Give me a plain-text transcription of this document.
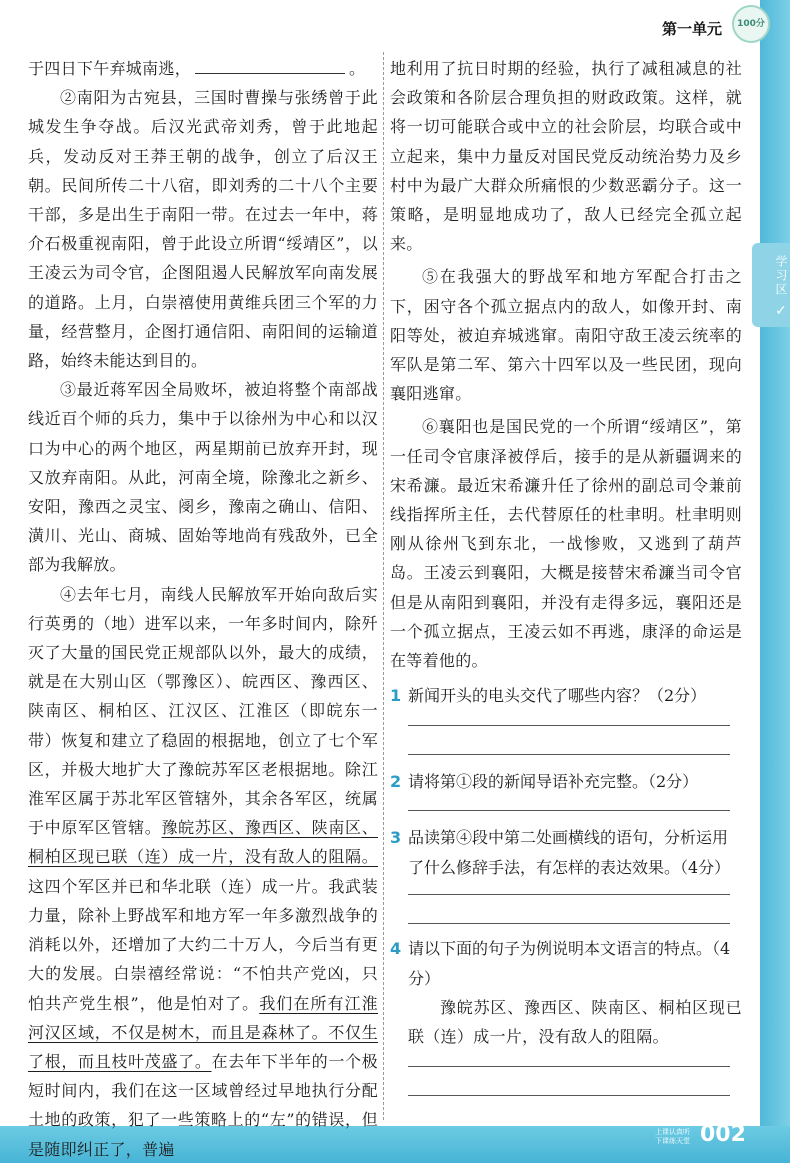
第一单元	100分
学习区 ✓

于四日下午弃城南逃，	。

②南阳为古宛县，三国时曹操与张绣曾于此城发生争夺战。后汉光武帝刘秀，曾于此地起兵，发动反对王莽王朝的战争，创立了后汉王朝。民间所传二十八宿，即刘秀的二十八个主要干部，多是出生于南阳一带。在过去一年中，蒋介石极重视南阳，曾于此设立所谓“绥靖区”，以王凌云为司令官，企图阻遏人民解放军向南发展的道路。上月，白崇禧使用黄维兵团三个军的力量，经营整月，企图打通信阳、南阳间的运输道路，始终未能达到目的。

③最近蒋军因全局败坏，被迫将整个南部战线近百个师的兵力，集中于以徐州为中心和以汉口为中心的两个地区，两星期前已放弃开封，现又放弃南阳。从此，河南全境，除豫北之新乡、安阳，豫西之灵宝、阌乡，豫南之确山、信阳、潢川、光山、商城、固始等地尚有残敌外，已全部为我解放。

④去年七月，南线人民解放军开始向敌后实行英勇的（地）进军以来，一年多时间内，除歼灭了大量的国民党正规部队以外，最大的成绩，就是在大别山区（鄂豫区）、皖西区、豫西区、陕南区、桐柏区、江汉区、江淮区（即皖东一带）恢复和建立了稳固的根据地，创立了七个军区，并极大地扩大了豫皖苏军区老根据地。除江淮军区属于苏北军区管辖外，其余各军区，统属于中原军区管辖。豫皖苏区、豫西区、陕南区、桐柏区现已联（连）成一片，没有敌人的阻隔。这四个军区并已和华北联（连）成一片。我武装力量，除补上野战军和地方军一年多激烈战争的消耗以外，还增加了大约二十万人，今后当有更大的发展。白崇禧经常说：“不怕共产党凶，只怕共产党生根”，他是怕对了。我们在所有江淮河汉区域，不仅是树木，而且是森林了。不仅生了根，而且枝叶茂盛了。在去年下半年的一个极短时间内，我们在这一区域曾经过早地执行分配土地的政策，犯了一些策略上的“左”的错误，但是随即纠正了，普遍

地利用了抗日时期的经验，执行了减租减息的社会政策和各阶层合理负担的财政政策。这样，就将一切可能联合或中立的社会阶层，均联合或中立起来，集中力量反对国民党反动统治势力及乡村中为最广大群众所痛恨的少数恶霸分子。这一策略，是明显地成功了，敌人已经完全孤立起来。

⑤在我强大的野战军和地方军配合打击之下，困守各个孤立据点内的敌人，如像开封、南阳等处，被迫弃城逃窜。南阳守敌王凌云统率的军队是第二军、第六十四军以及一些民团，现向襄阳逃窜。

⑥襄阳也是国民党的一个所谓“绥靖区”，第一任司令官康泽被俘后，接手的是从新疆调来的宋希濂。最近宋希濂升任了徐州的副总司令兼前线指挥所主任，去代替原任的杜聿明。杜聿明则刚从徐州飞到东北，一战惨败，又逃到了葫芦岛。王凌云到襄阳，大概是接替宋希濂当司令官 但是从南阳到襄阳，并没有走得多远，襄阳还是一个孤立据点，王凌云如不再逃，康泽的命运是在等着他的。

1 新闻开头的电头交代了哪些内容？（2分）

2 请将第①段的新闻导语补充完整。（2分）

3 品读第④段中第二处画横线的语句，分析运用了什么修辞手法，有怎样的表达效果。（4分）

4 请以下面的句子为例说明本文语言的特点。（4分）

豫皖苏区、豫西区、陕南区、桐柏区现已联（连）成一片，没有敌人的阻隔。

上课认真听 下课练天堂 002
